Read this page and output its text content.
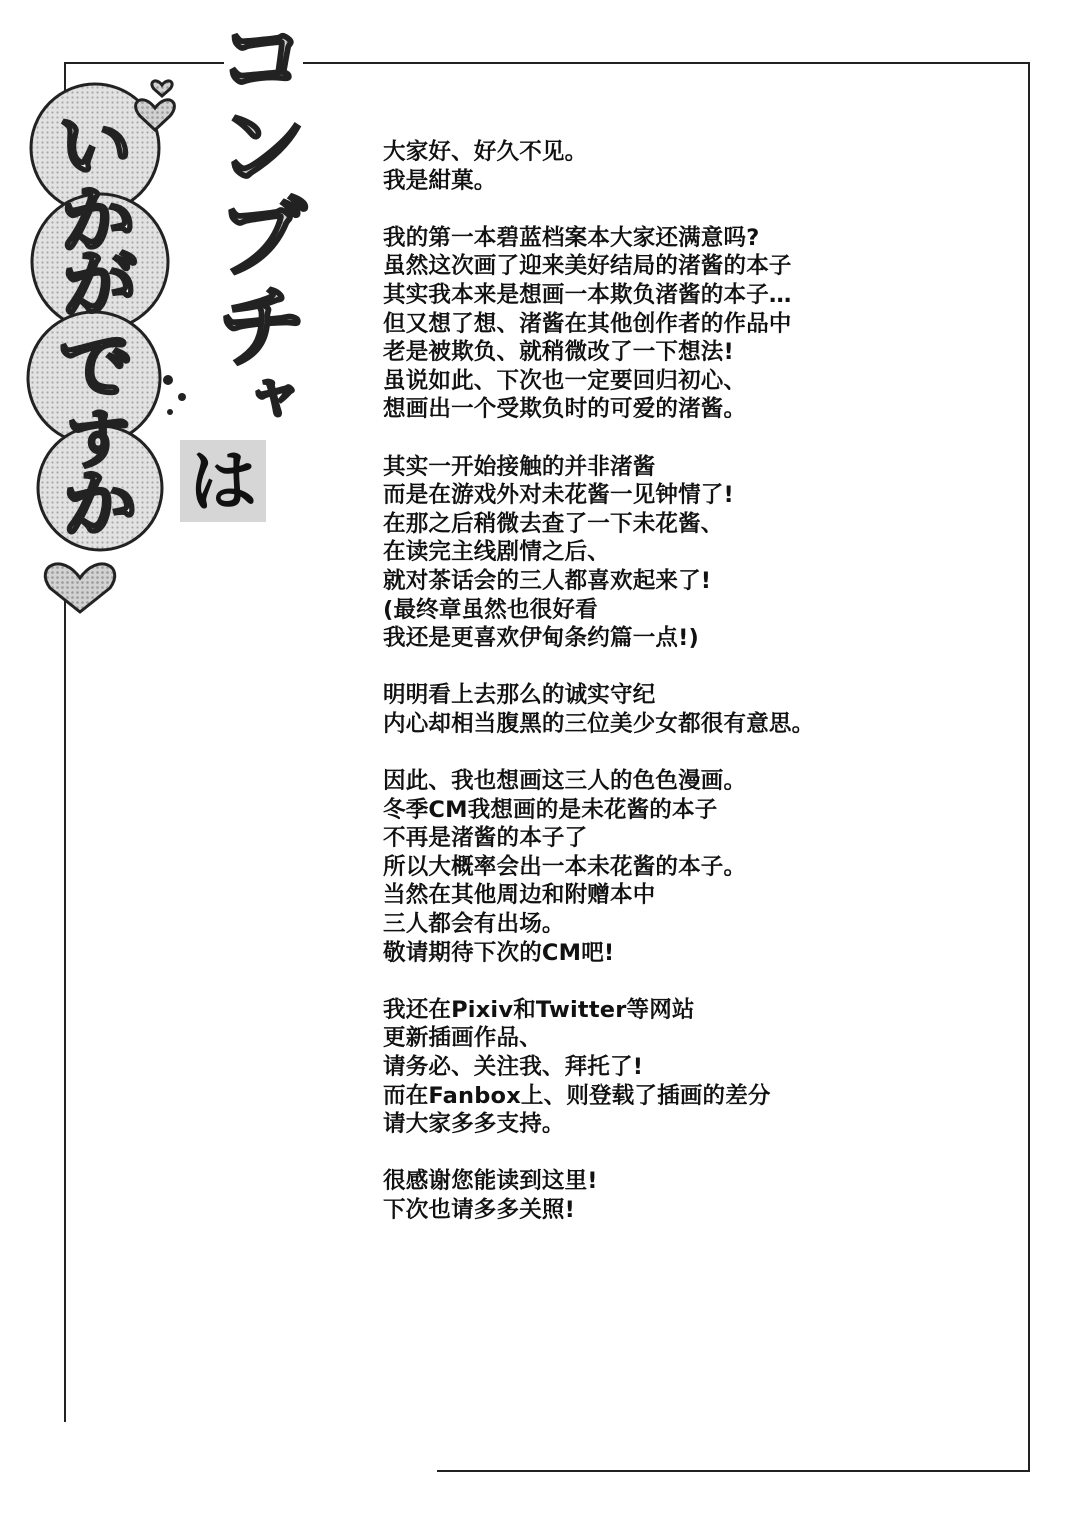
コ
ン
ブ
チ
ャ
は
い
か
が
で
す
か
大家好、好久不见。
我是紺菓。
我的第一本碧蓝档案本大家还满意吗?
虽然这次画了迎来美好结局的渚酱的本子
其实我本来是想画一本欺负渚酱的本子…
但又想了想、渚酱在其他创作者的作品中
老是被欺负、就稍微改了一下想法!
虽说如此、下次也一定要回归初心、
想画出一个受欺负时的可爱的渚酱。
其实一开始接触的并非渚酱
而是在游戏外对未花酱一见钟情了!
在那之后稍微去查了一下未花酱、
在读完主线剧情之后、
就对茶话会的三人都喜欢起来了!
(最终章虽然也很好看
我还是更喜欢伊甸条约篇一点!)
明明看上去那么的诚实守纪
内心却相当腹黑的三位美少女都很有意思。
因此、我也想画这三人的色色漫画。
冬季CM我想画的是未花酱的本子
不再是渚酱的本子了
所以大概率会出一本未花酱的本子。
当然在其他周边和附赠本中
三人都会有出场。
敬请期待下次的CM吧!
我还在Pixiv和Twitter等网站
更新插画作品、
请务必、关注我、拜托了!
而在Fanbox上、则登载了插画的差分
请大家多多支持。
很感谢您能读到这里!
下次也请多多关照!
